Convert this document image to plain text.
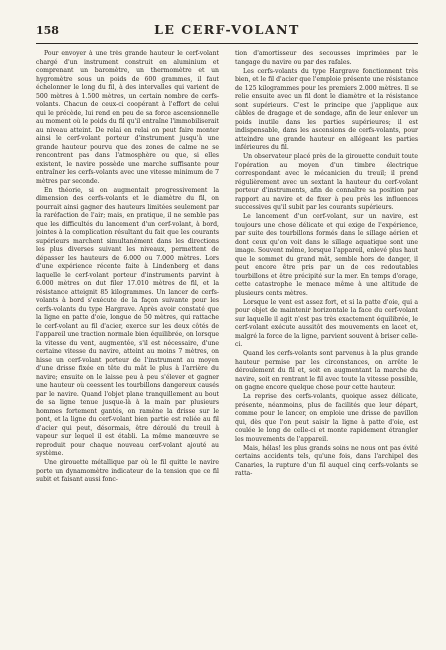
158	LE CERF-VOLANT

Pour envoyer à une très grande hauteur le cerf-volant chargé d'un instrument construit en aluminium et comprenant un baromètre, un thermomètre et un hygromètre sous un poids de 600 grammes, il faut échelonner le long du fil, à des intervalles qui varient de 500 mètres à 1.500 mètres, un certain nombre de cerfs-volants. Chacun de ceux-ci coopérant à l'effort de celui qui le précède, lui rend en peu de sa force ascensionnelle au moment où le poids du fil qu'il entraîne l'immobiliserait au niveau atteint. De relai en relai on peut faire monter ainsi le cerf-volant porteur d'instrument jusqu'à une grande hauteur pourvu que des zones de calme ne se rencontrent pas dans l'atmosphère ou que, si elles existent, le navire possède une marche suffisante pour entraîner les cerfs-volants avec une vitesse minimum de 7 mètres par seconde.

En théorie, si on augmentait progressivement la dimension des cerfs-volants et le diamètre du fil, on pourrait ainsi gagner des hauteurs limitées seulement par la raréfaction de l'air; mais, en pratique, il ne semble pas que les difficultés du lancement d'un cerf-volant, à bord, jointes à la complication résultant du fait que les courants supérieurs marchent simultanément dans les directions les plus diverses suivant les niveaux, permettent de dépasser les hauteurs de 6.000 ou 7.000 mètres. Lors d'une expérience récente faite à Lindenberg et dans laquelle le cerf-volant porteur d'instruments parvint à 6.000 mètres on dut filer 17.010 mètres de fil, et la résistance atteignit 85 kilogrammes. Un lancer de cerfs-volants à bord s'exécute de la façon suivante pour les cerfs-volants du type Hargrave. Après avoir constaté que la ligne en patte d'oie, longue de 50 mètres, qui rattache le cerf-volant au fil d'acier, exerce sur les deux côtés de l'appareil une traction normale bien équilibrée, on lorsque la vitesse du vent, augmentée, s'il est nécessaire, d'une certaine vitesse du navire, atteint au moins 7 mètres, on hisse un cerf-volant porteur de l'instrument au moyen d'une drisse fixée en tête du mât le plus à l'arrière du navire; ensuite on le laisse peu à peu s'élever et gagner une hauteur où ceessent les tourbillons dangereux causés par le navire. Quand l'objet plane tranquillement au bout de sa ligne tenue jusque-là à la main par plusieurs hommes fortement gantés, on ramène la drisse sur le pont, et la ligne du cerf-volant bien partie est reliée au fil d'acier qui peut, désormais, être déroulé du treuil à vapeur sur lequel il est établi. La même manœuvre se reproduit pour chaque nouveau cerf-volant ajouté au système.

Une girouette métallique par où le fil quitte le navire porte un dynamomètre indicateur de la tension que ce fil subit et faisant aussi fonc-

tion d'amortisseur des secousses imprimées par le tangage du navire ou par des rafales.

Les cerfs-volants du type Hargrave fonctionnent très bien, et le fil d'acier que l'emploie présente une résistance de 125 kilogrammes pour les premiers 2.000 mètres. Il se relie ensuite avec un fil dont le diamètre et la résistance sont supérieurs. C'est le principe que j'applique aux câbles de dragage et de sondage, afin de leur enlever un poids inutile dans les parties supérieures; il est indispensable, dans les ascensions de cerfs-volants, pour atteindre une grande hauteur en allégeant les parties inférieures du fil.

Un observateur placé près de la girouette conduit toute l'opération au moyen d'un timbre électrique correspondant avec le mécanicien du treuil; il prend régulièrement avec un sextant la hauteur du cerf-volant porteur d'instruments, afin de connaître sa position par rapport au navire et de fixer à peu près les influences successives qu'il subit par les courants supérieurs.

Le lancement d'un cerf-volant, sur un navire, est toujours une chose délicate et qui exige de l'expérience, par suite des tourbillons formés dans le sillage aérien et dont ceux qu'on voit dans le sillage aquatique sont une image. Souvent même, lorsque l'appareil, enlevé plus haut que le sommet du grand mât, semble hors de danger, il peut encore être pris par un de ces redoutables tourbillons et être précipité sur la mer. En temps d'orage, cette catastrophe le menace même à une altitude de plusieurs cents mètres.

Lorsque le vent est assez fort, et si la patte d'oie, qui a pour objet de maintenir horizontale la face du cerf-volant sur laquelle il agit n'est pas très exactement équilibrée, le cerf-volant exécute aussitôt des mouvements en lacet et, malgré la force de la ligne, parvient souvent à briser celle-ci.

Quand les cerfs-volants sont parvenus à la plus grande hauteur permise par les circonstances, on arrête le déroulement du fil et, soit en augmentant la marche du navire, soit en rentrant le fil avec toute la vitesse possible, on gagne encore quelque chose pour cette hauteur.

La reprise des cerfs-volants, quoique assez délicate, présente, néanmoins, plus de facilités que leur départ, comme pour le lancer, on emploie une drisse de pavillon qui, dès que l'on peut saisir la ligne à patte d'oie, est coulée le long de celle-ci et monte rapidement étrangler les mouvements de l'appareil.

Mais, hélas! les plus grands soins ne nous ont pas évité certains accidents tels, qu'une fois, dans l'archipel des Canaries, la rupture d'un fil auquel cinq cerfs-volants se ratta-
